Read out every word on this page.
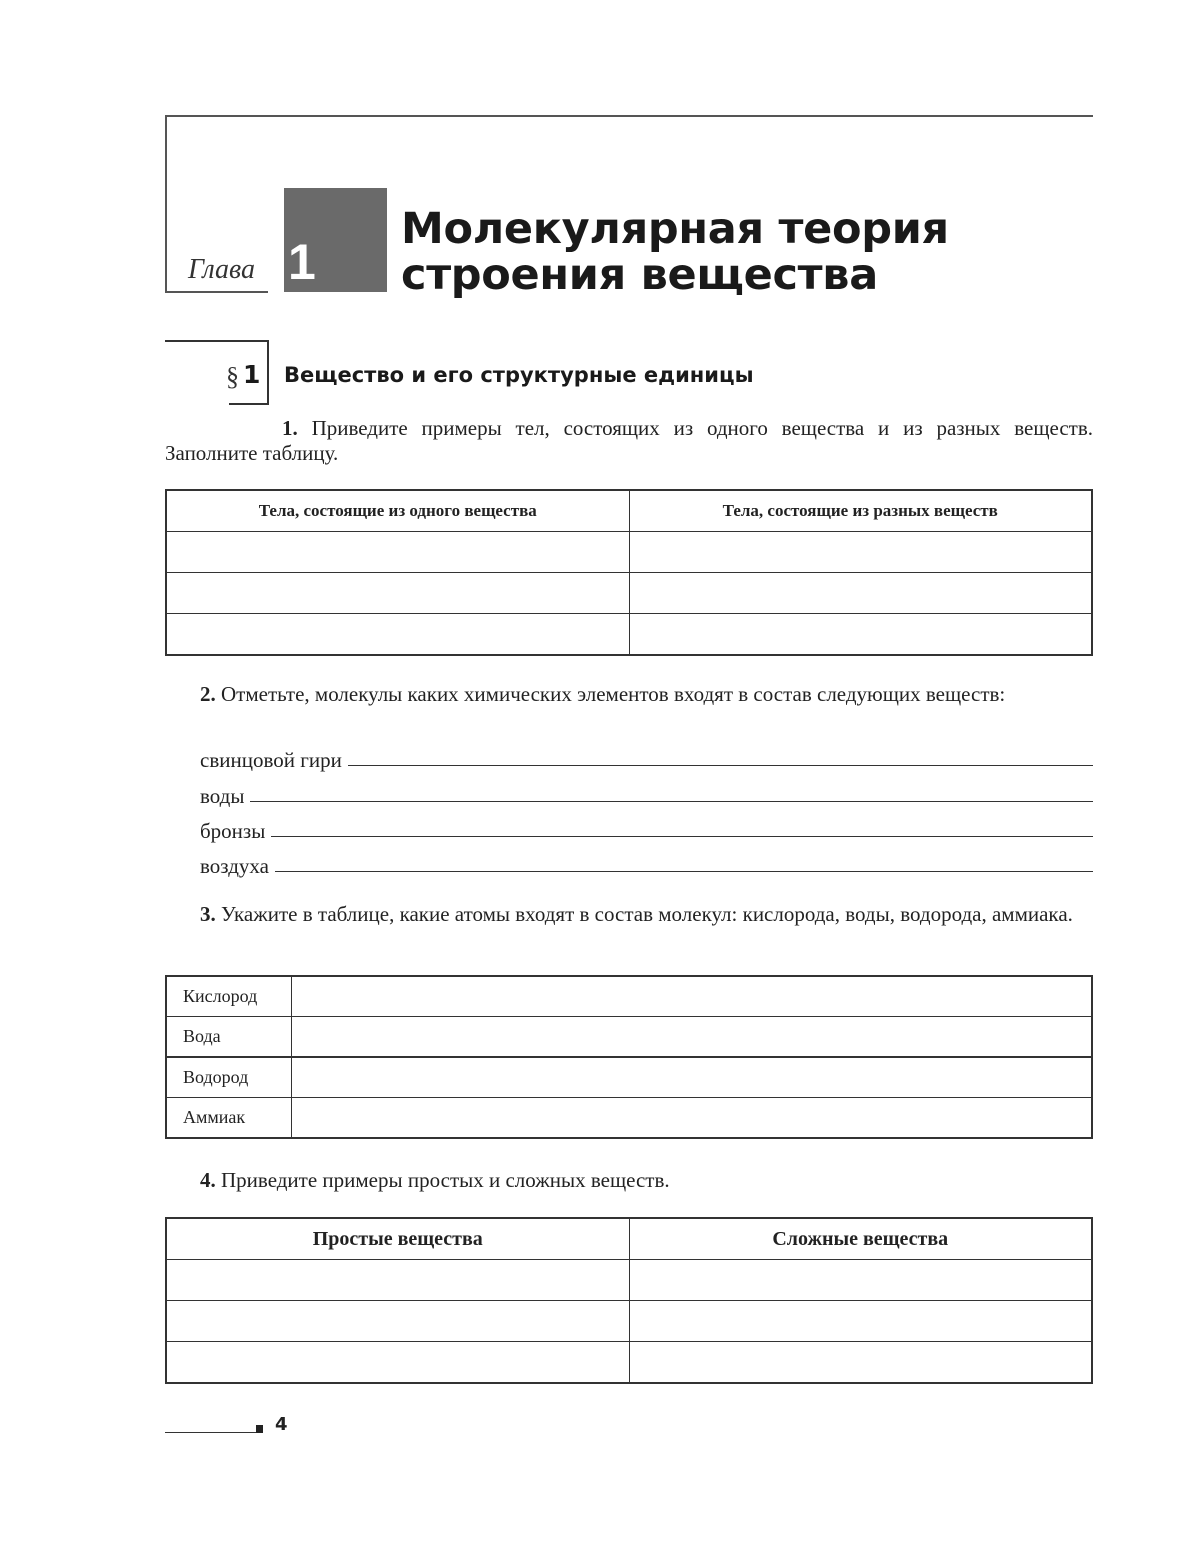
Глава 1
Молекулярная теория
строения вещества
§ 1 Вещество и его структурные единицы
1. Приведите примеры тел, состоящих из одного вещества и из разных веществ. Заполните таблицу.
Тела, состоящие из одного вещества	Тела, состоящие из разных веществ

2. Отметьте, молекулы каких химических элементов входят в состав следующих веществ:
свинцовой гири
воды
бронзы
воздуха
3. Укажите в таблице, какие атомы входят в состав молекул: кислорода, воды, водорода, аммиака.
Кислород	
Вода	
Водород	
Аммиак	
4. Приведите примеры простых и сложных веществ.
Простые вещества	Сложные вещества

4
